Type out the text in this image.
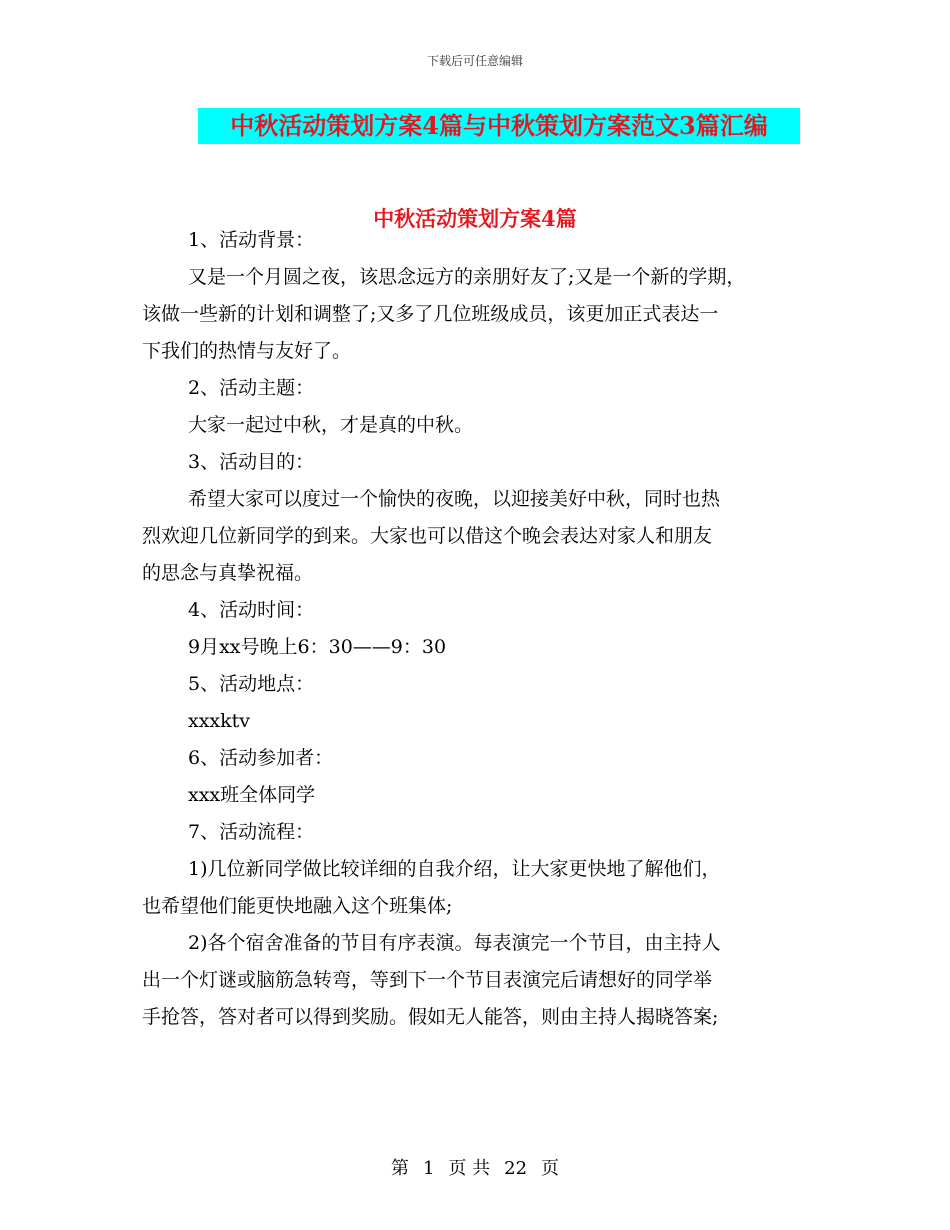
下载后可任意编辑
中秋活动策划方案4篇与中秋策划方案范文3篇汇编
中秋活动策划方案4篇

1、活动背景：

又是一个月圆之夜，该思念远方的亲朋好友了;又是一个新的学期，
该做一些新的计划和调整了;又多了几位班级成员，该更加正式表达一
下我们的热情与友好了。

2、活动主题：

大家一起过中秋，才是真的中秋。

3、活动目的：

希望大家可以度过一个愉快的夜晚，以迎接美好中秋，同时也热
烈欢迎几位新同学的到来。大家也可以借这个晚会表达对家人和朋友
的思念与真挚祝福。

4、活动时间：

9月xx号晚上6：30——9：30

5、活动地点：

xxxktv

6、活动参加者：

xxx班全体同学

7、活动流程：

1)几位新同学做比较详细的自我介绍，让大家更快地了解他们，
也希望他们能更快地融入这个班集体;

2)各个宿舍准备的节目有序表演。每表演完一个节目，由主持人
出一个灯谜或脑筋急转弯，等到下一个节目表演完后请想好的同学举
手抢答，答对者可以得到奖励。假如无人能答，则由主持人揭晓答案;

第 1 页 共 22 页
